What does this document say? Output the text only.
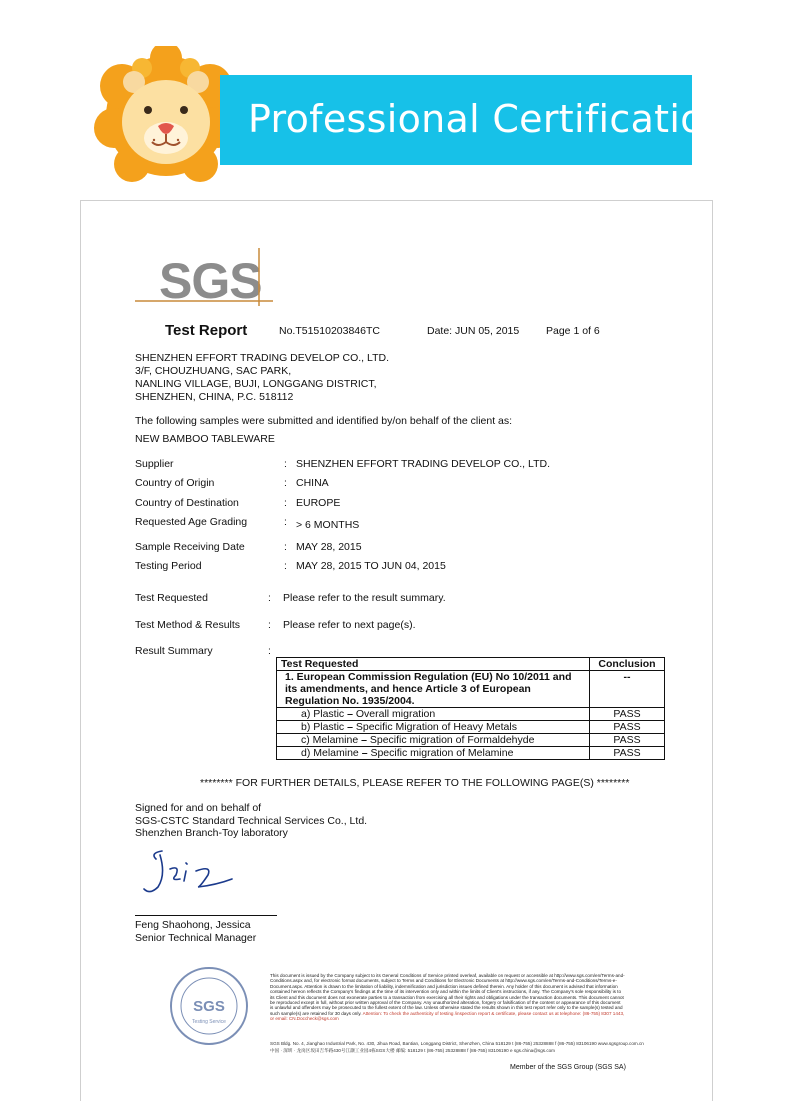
Professional Certification
SGS
Test Report	No.T51510203846TC	Date: JUN 05, 2015	Page 1 of 6
SHENZHEN EFFORT TRADING DEVELOP CO., LTD.
3/F, CHOUZHUANG, SAC PARK,
NANLING VILLAGE, BUJI, LONGGANG DISTRICT,
SHENZHEN, CHINA, P.C. 518112
The following samples were submitted and identified by/on behalf of the client as:
NEW BAMBOO TABLEWARE
Supplier	: SHENZHEN EFFORT TRADING DEVELOP CO., LTD.
Country of Origin	: CHINA
Country of Destination	: EUROPE
Requested Age Grading	: > 6 MONTHS
Sample Receiving Date	: MAY 28, 2015
Testing Period	: MAY 28, 2015 TO JUN 04, 2015
Test Requested	: Please refer to the result summary.
Test Method & Results	: Please refer to next page(s).
Result Summary	:
Test Requested	Conclusion
1. European Commission Regulation (EU) No 10/2011 and its amendments, and hence Article 3 of European Regulation No. 1935/2004.	--
a) Plastic – Overall migration	PASS
b) Plastic – Specific Migration of Heavy Metals	PASS
c) Melamine – Specific migration of Formaldehyde	PASS
d) Melamine – Specific migration of Melamine	PASS
******** FOR FURTHER DETAILS, PLEASE REFER TO THE FOLLOWING PAGE(S) ********
Signed for and on behalf of
SGS-CSTC Standard Technical Services Co., Ltd.
Shenzhen Branch-Toy laboratory
Feng Shaohong, Jessica
Senior Technical Manager
SGS
Testing Service
This document is issued by the Company subject to its General Conditions of Service printed overleaf, available on request or accessible at http://www.sgs.com/en/Terms-and-Conditions.aspx and, for electronic format documents, subject to Terms and Conditions for Electronic Documents at http://www.sgs.com/en/Terms-and-Conditions/Terms-e-Document.aspx. Attention is drawn to the limitation of liability, indemnification and jurisdiction issues defined therein. Any holder of this document is advised that information contained hereon reflects the Company's findings at the time of its intervention only and within the limits of Client's instructions, if any. The Company's sole responsibility is to its Client and this document does not exonerate parties to a transaction from exercising all their rights and obligations under the transaction documents. This document cannot be reproduced except in full, without prior written approval of the Company. Any unauthorized alteration, forgery or falsification of the content or appearance of this document is unlawful and offenders may be prosecuted to the fullest extent of the law. Unless otherwise stated the results shown in this test report refer only to the sample(s) tested and such sample(s) are retained for 30 days only. Attention: To check the authenticity of testing /inspection report & certificate, please contact us at telephone: (86-755) 8307 1443, or email: CN.Doccheck@sgs.com
SGS Bldg. No. 4, Jianghao Industrial Park, No. 430, Jihua Road, Bantian, Longgang District, Shenzhen, China 518129 t (86-755) 25328888 f (86-755) 83106190 www.sgsgroup.com.cn
中国 · 深圳 · 龙岗区坂田吉华路430号江灏工业园4栋SGS大楼 邮编: 518129 t (86-755) 25328888 f (86-755) 83106190 e sgs.china@sgs.com
Member of the SGS Group (SGS SA)
